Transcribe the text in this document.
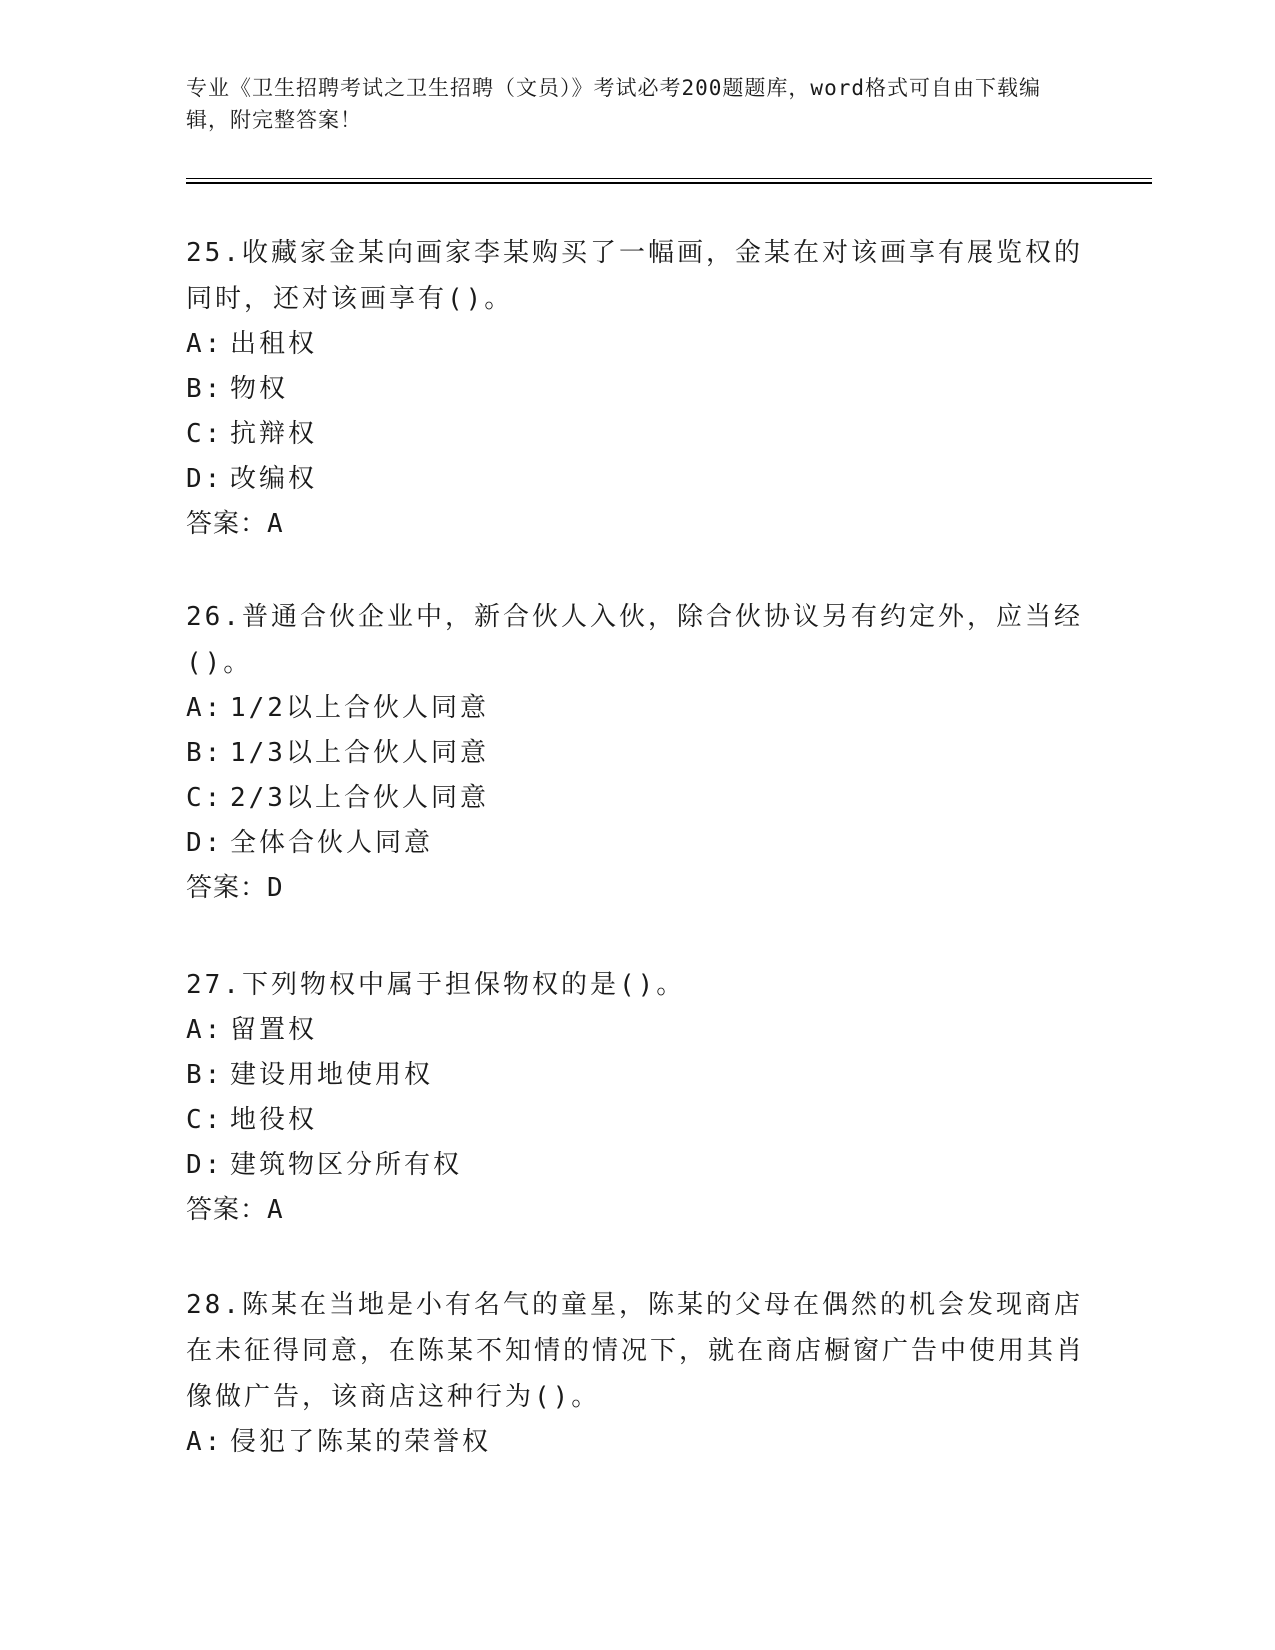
专业《卫生招聘考试之卫生招聘（文员）》考试必考200题题库，word格式可自由下载编辑，附完整答案！

25.收藏家金某向画家李某购买了一幅画，金某在对该画享有展览权的同时，还对该画享有()。

A: 出租权

B: 物权

C: 抗辩权

D: 改编权

答案：A

26.普通合伙企业中，新合伙人入伙，除合伙协议另有约定外，应当经()。

A: 1/2以上合伙人同意

B: 1/3以上合伙人同意

C: 2/3以上合伙人同意

D: 全体合伙人同意

答案：D

27.下列物权中属于担保物权的是()。

A: 留置权

B: 建设用地使用权

C: 地役权

D: 建筑物区分所有权

答案：A

28.陈某在当地是小有名气的童星，陈某的父母在偶然的机会发现商店在未征得同意，在陈某不知情的情况下，就在商店橱窗广告中使用其肖像做广告，该商店这种行为()。

A: 侵犯了陈某的荣誉权
